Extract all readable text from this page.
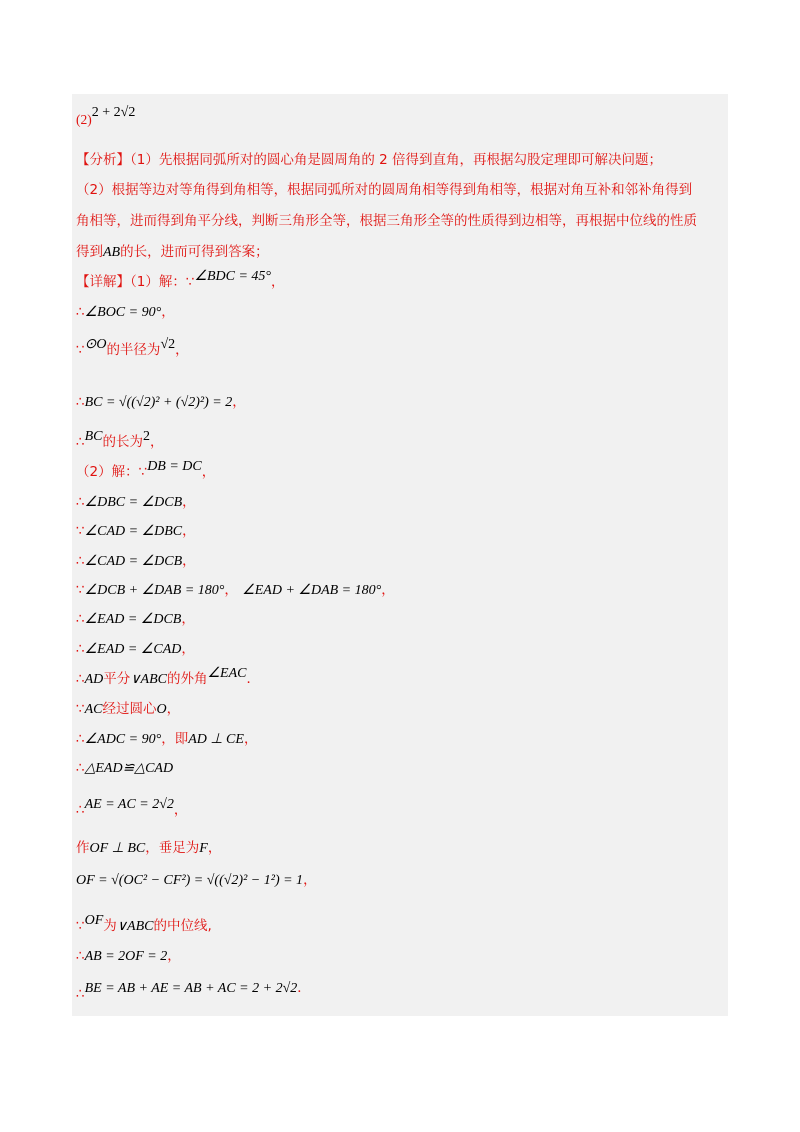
(2)2 + 2√2
【分析】（1）先根据同弧所对的圆心角是圆周角的 2 倍得到直角，再根据勾股定理即可解决问题；
（2）根据等边对等角得到角相等，根据同弧所对的圆周角相等得到角相等，根据对角互补和邻补角得到
角相等，进而得到角平分线，判断三角形全等，根据三角形全等的性质得到边相等，再根据中位线的性质
得到AB的长，进而可得到答案；
【详解】（1）解：∵∠BDC = 45°，
∴∠BOC = 90°，
∵⊙O的半径为√2，
∴BC = √((√2)² + (√2)²) = 2，
∴BC的长为2，
（2）解：∵DB = DC，
∴∠DBC = ∠DCB，
∵∠CAD = ∠DBC，
∴∠CAD = ∠DCB，
∵∠DCB + ∠DAB = 180°， ∠EAD + ∠DAB = 180°，
∴∠EAD = ∠DCB，
∴∠EAD = ∠CAD，
∴AD平分∨ABC的外角∠EAC．
∵AC经过圆心O，
∴∠ADC = 90°，即AD ⊥ CE，
∴△EAD≌△CAD
∴AE = AC = 2√2，
作OF ⊥ BC，垂足为F，
OF = √(OC² − CF²) = √((√2)² − 1²) = 1，
∵OF为∨ABC的中位线,
∴AB = 2OF = 2，
∴BE = AB + AE = AB + AC = 2 + 2√2．
